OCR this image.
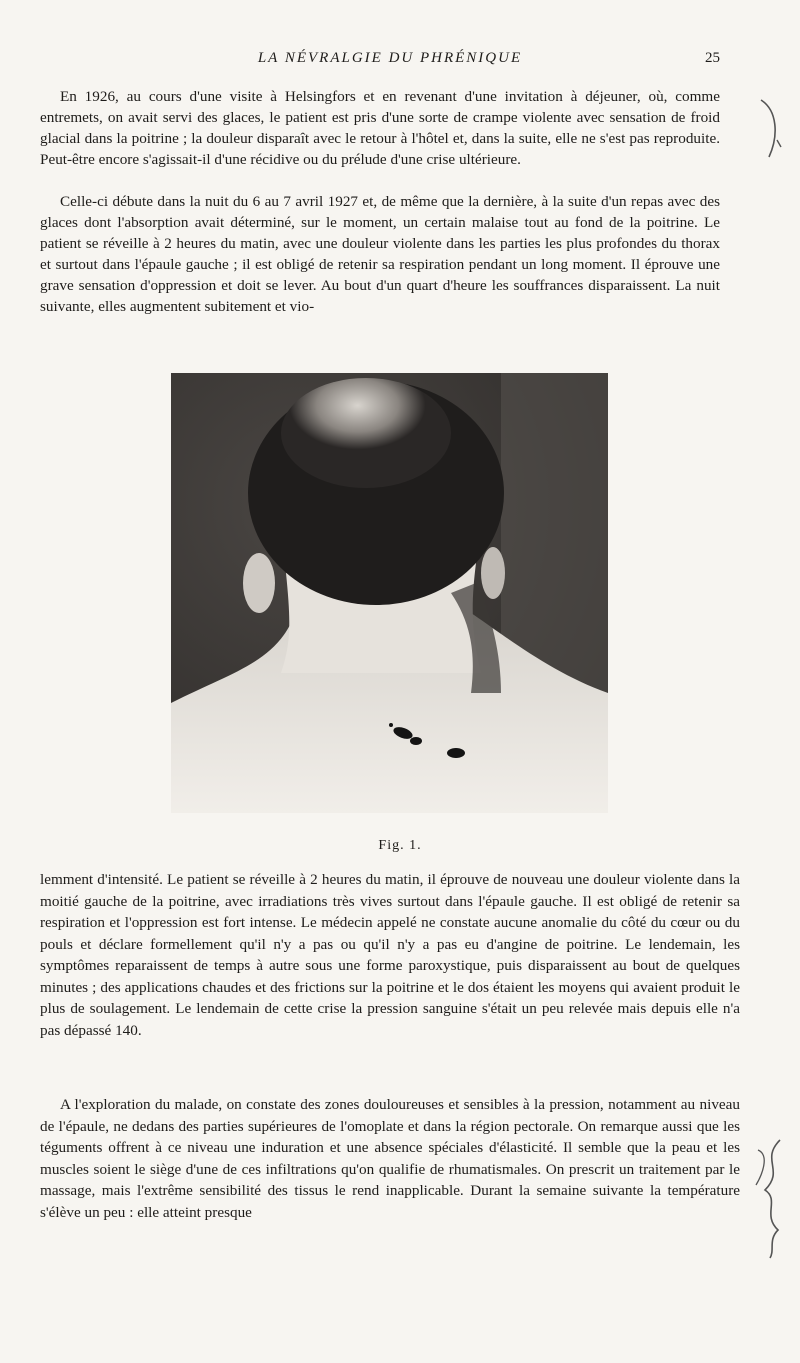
LA NÉVRALGIE DU PHRÉNIQUE	25

En 1926, au cours d'une visite à Helsingfors et en revenant d'une invitation à déjeuner, où, comme entremets, on avait servi des glaces, le patient est pris d'une sorte de crampe violente avec sensation de froid glacial dans la poitrine ; la douleur disparaît avec le retour à l'hôtel et, dans la suite, elle ne s'est pas reproduite. Peut-être encore s'agissait-il d'une récidive ou du prélude d'une crise ultérieure.

Celle-ci débute dans la nuit du 6 au 7 avril 1927 et, de même que la dernière, à la suite d'un repas avec des glaces dont l'absorption avait déterminé, sur le moment, un certain malaise tout au fond de la poitrine. Le patient se réveille à 2 heures du matin, avec une douleur violente dans les parties les plus profondes du thorax et surtout dans l'épaule gauche ; il est obligé de retenir sa respiration pendant un long moment. Il éprouve une grave sensation d'oppression et doit se lever. Au bout d'un quart d'heure les souffrances disparaissent. La nuit suivante, elles augmentent subitement et vio-

Fig. 1.

lemment d'intensité. Le patient se réveille à 2 heures du matin, il éprouve de nouveau une douleur violente dans la moitié gauche de la poitrine, avec irradiations très vives surtout dans l'épaule gauche. Il est obligé de retenir sa respiration et l'oppression est fort intense. Le médecin appelé ne constate aucune anomalie du côté du cœur ou du pouls et déclare formellement qu'il n'y a pas ou qu'il n'y a pas eu d'angine de poitrine. Le lendemain, les symptômes reparaissent de temps à autre sous une forme paroxystique, puis disparaissent au bout de quelques minutes ; des applications chaudes et des frictions sur la poitrine et le dos étaient les moyens qui avaient produit le plus de soulagement. Le lendemain de cette crise la pression sanguine s'était un peu relevée mais depuis elle n'a pas dépassé 140.

A l'exploration du malade, on constate des zones douloureuses et sensibles à la pression, notamment au niveau de l'épaule, ne dedans des parties supérieures de l'omoplate et dans la région pectorale. On remarque aussi que les téguments offrent à ce niveau une induration et une absence spéciales d'élasticité. Il semble que la peau et les muscles soient le siège d'une de ces infiltrations qu'on qualifie de rhumatismales. On prescrit un traitement par le massage, mais l'extrême sensibilité des tissus le rend inapplicable. Durant la semaine suivante la température s'élève un peu : elle atteint presque
